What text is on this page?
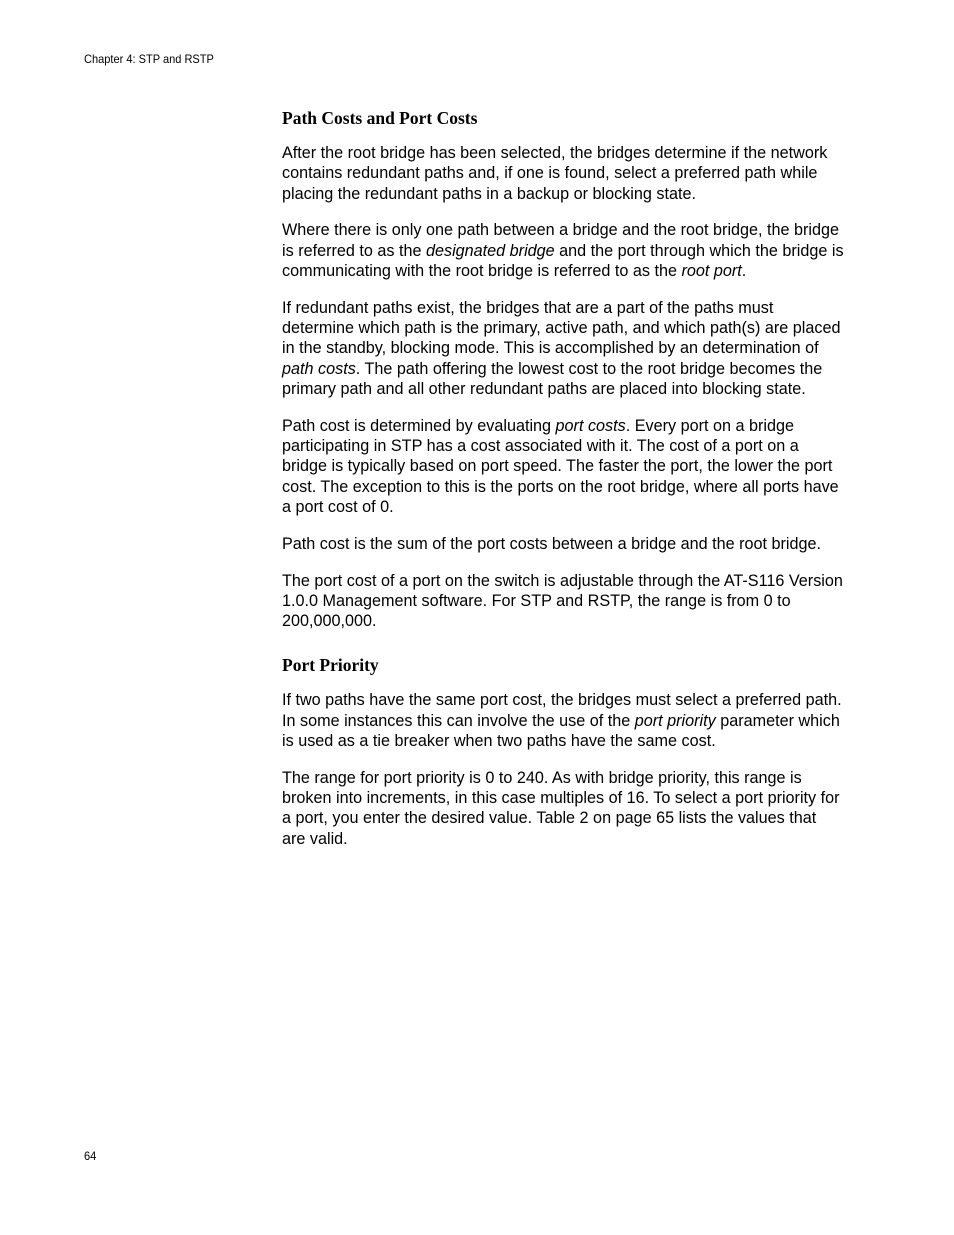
Chapter 4: STP and RSTP
Path Costs and Port Costs

After the root bridge has been selected, the bridges determine if the network contains redundant paths and, if one is found, select a preferred path while placing the redundant paths in a backup or blocking state.

Where there is only one path between a bridge and the root bridge, the bridge is referred to as the designated bridge and the port through which the bridge is communicating with the root bridge is referred to as the root port.

If redundant paths exist, the bridges that are a part of the paths must determine which path is the primary, active path, and which path(s) are placed in the standby, blocking mode. This is accomplished by an determination of path costs. The path offering the lowest cost to the root bridge becomes the primary path and all other redundant paths are placed into blocking state.

Path cost is determined by evaluating port costs. Every port on a bridge participating in STP has a cost associated with it. The cost of a port on a bridge is typically based on port speed. The faster the port, the lower the port cost. The exception to this is the ports on the root bridge, where all ports have a port cost of 0.

Path cost is the sum of the port costs between a bridge and the root bridge.

The port cost of a port on the switch is adjustable through the AT-S116 Version 1.0.0 Management software. For STP and RSTP, the range is from 0 to 200,000,000.

Port Priority

If two paths have the same port cost, the bridges must select a preferred path. In some instances this can involve the use of the port priority parameter which is used as a tie breaker when two paths have the same cost.

The range for port priority is 0 to 240. As with bridge priority, this range is broken into increments, in this case multiples of 16. To select a port priority for a port, you enter the desired value. Table 2 on page 65 lists the values that are valid.

64
